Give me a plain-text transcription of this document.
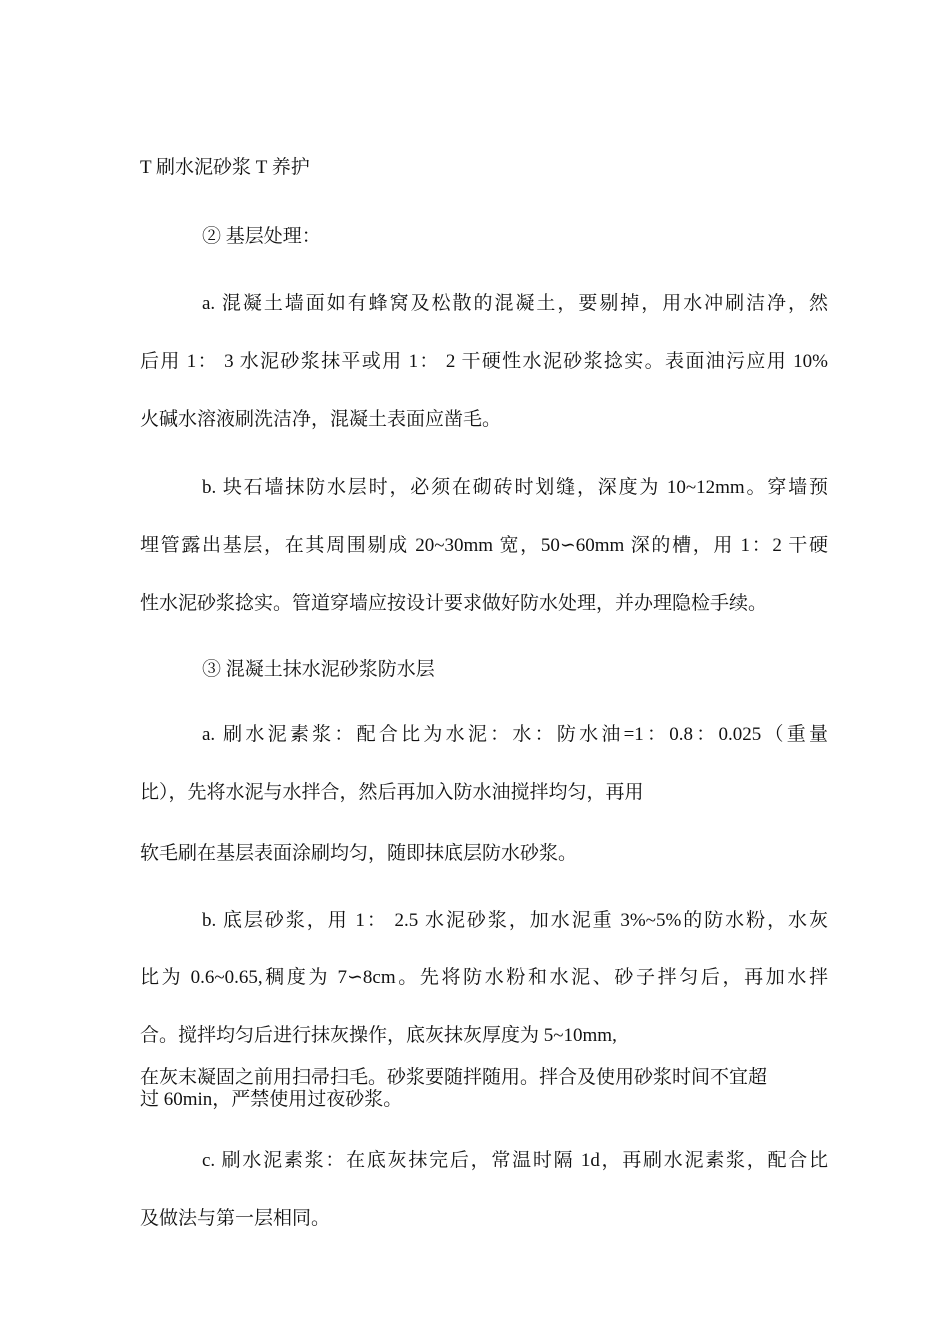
T 刷水泥砂浆 T 养护
② 基层处理：
a. 混凝土墙面如有蜂窝及松散的混凝土，要剔掉，用水冲刷洁净，然
后用 1： 3 水泥砂浆抹平或用 1： 2 干硬性水泥砂浆捻实。表面油污应用 10%
火碱水溶液刷洗洁净，混凝土表面应凿毛。
b. 块石墙抹防水层时，必须在砌砖时划缝，深度为 10~12mm。穿墙预
埋管露出基层，在其周围剔成 20~30mm 宽，50∽60mm 深的槽，用 1：2 干硬
性水泥砂浆捻实。管道穿墙应按设计要求做好防水处理，并办理隐检手续。
③ 混凝土抹水泥砂浆防水层
a. 刷水泥素浆：配合比为水泥：水：防水油=1：0.8：0.025（重量
比），先将水泥与水拌合，然后再加入防水油搅拌均匀，再用
软毛刷在基层表面涂刷均匀，随即抹底层防水砂浆。
b. 底层砂浆，用 1： 2.5 水泥砂浆，加水泥重 3%~5%的防水粉，水灰
比为 0.6~0.65,稠度为 7∽8cm。先将防水粉和水泥、砂子拌匀后，再加水拌
合。搅拌均匀后进行抹灰操作，底灰抹灰厚度为 5~10mm,
在灰末凝固之前用扫帚扫毛。砂浆要随拌随用。拌合及使用砂浆时间不宜超
过 60min，严禁使用过夜砂浆。
c. 刷水泥素浆：在底灰抹完后，常温时隔 1d，再刷水泥素浆，配合比
及做法与第一层相同。
